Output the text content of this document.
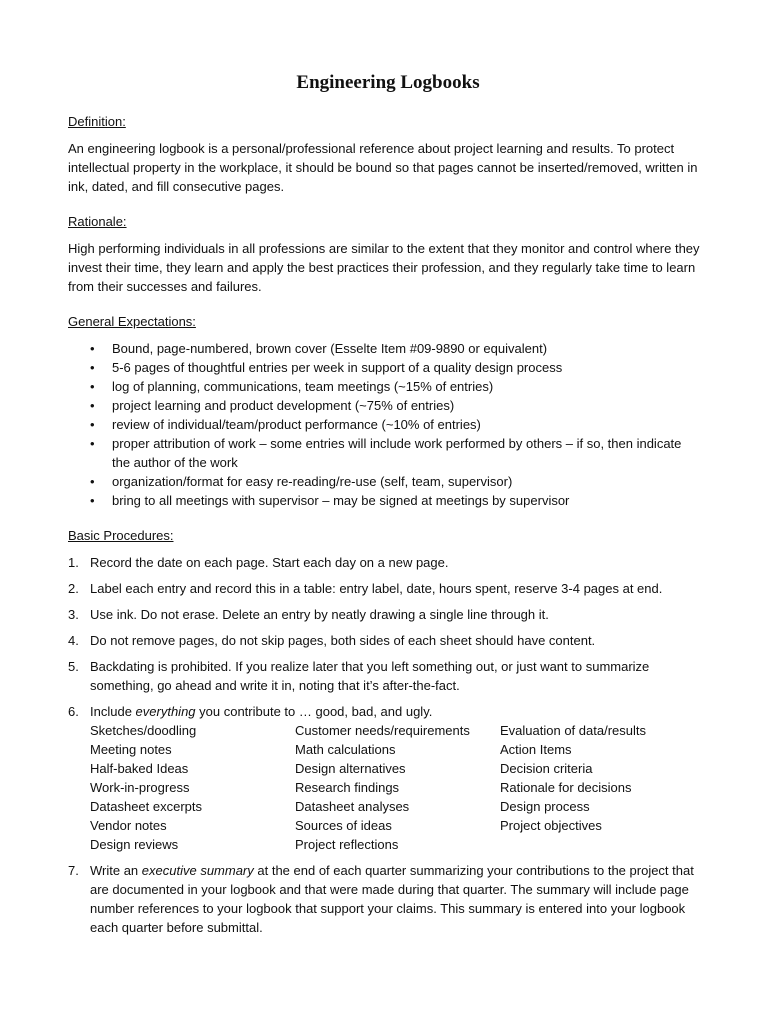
Engineering Logbooks
Definition:

An engineering logbook is a personal/professional reference about project learning and results. To protect intellectual property in the workplace, it should be bound so that pages cannot be inserted/removed, written in ink, dated, and fill consecutive pages.

Rationale:

High performing individuals in all professions are similar to the extent that they monitor and control where they invest their time, they learn and apply the best practices their profession, and they regularly take time to learn from their successes and failures.

General Expectations:
• Bound, page-numbered, brown cover (Esselte Item #09-9890 or equivalent)
• 5-6 pages of thoughtful entries per week in support of a quality design process
• log of planning, communications, team meetings (~15% of entries)
• project learning and product development (~75% of entries)
• review of individual/team/product performance (~10% of entries)
• proper attribution of work – some entries will include work performed by others – if so, then indicate the author of the work
• organization/format for easy re-reading/re-use (self, team, supervisor)
• bring to all meetings with supervisor – may be signed at meetings by supervisor
Basic Procedures:
1. Record the date on each page. Start each day on a new page.
2. Label each entry and record this in a table: entry label, date, hours spent, reserve 3-4 pages at end.
3. Use ink. Do not erase. Delete an entry by neatly drawing a single line through it.
4. Do not remove pages, do not skip pages, both sides of each sheet should have content.
5. Backdating is prohibited. If you realize later that you left something out, or just want to summarize something, go ahead and write it in, noting that it’s after-the-fact.
6. Include everything you contribute to … good, bad, and ugly.
Sketches/doodling	Customer needs/requirements	Evaluation of data/results
Meeting notes	Math calculations	Action Items
Half-baked Ideas	Design alternatives	Decision criteria
Work-in-progress	Research findings	Rationale for decisions
Datasheet excerpts	Datasheet analyses	Design process
Vendor notes	Sources of ideas	Project objectives
Design reviews	Project reflections
7. Write an executive summary at the end of each quarter summarizing your contributions to the project that are documented in your logbook and that were made during that quarter. The summary will include page number references to your logbook that support your claims. This summary is entered into your logbook each quarter before submittal.
